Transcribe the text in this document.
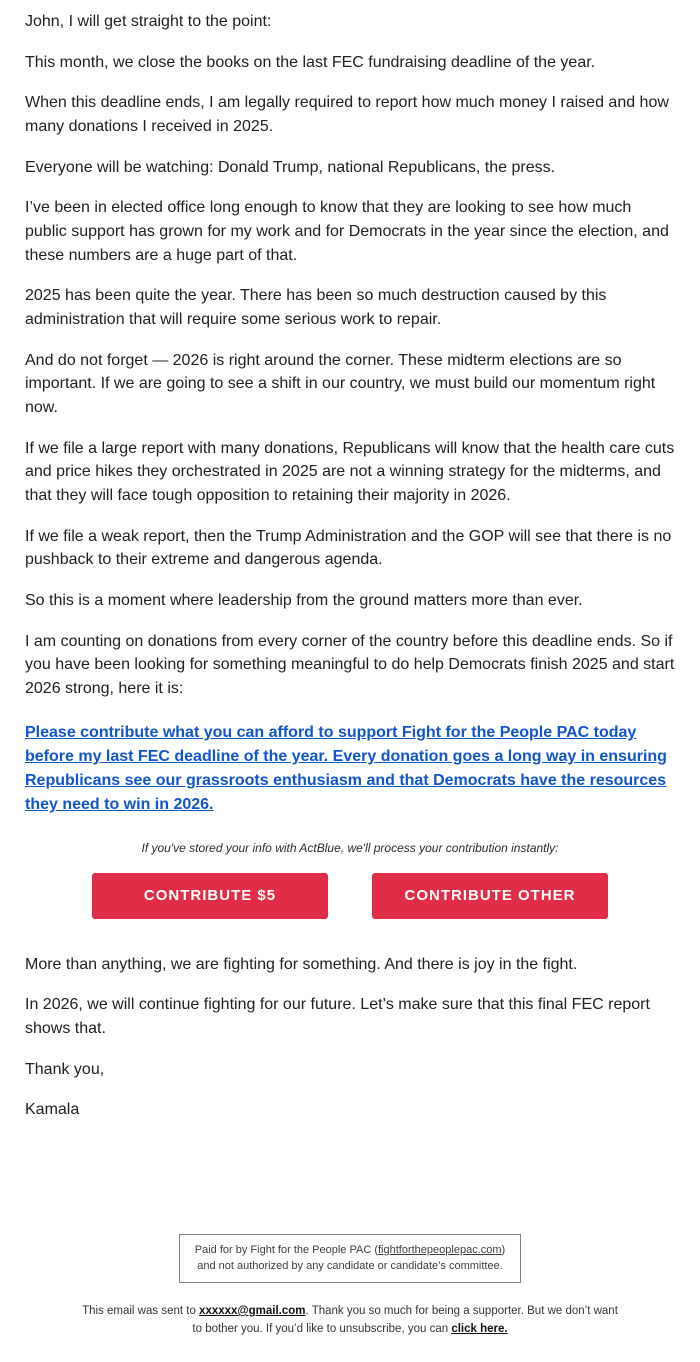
John, I will get straight to the point:

This month, we close the books on the last FEC fundraising deadline of the year.

When this deadline ends, I am legally required to report how much money I raised and how many donations I received in 2025.

Everyone will be watching: Donald Trump, national Republicans, the press.

I’ve been in elected office long enough to know that they are looking to see how much public support has grown for my work and for Democrats in the year since the election, and these numbers are a huge part of that.

2025 has been quite the year. There has been so much destruction caused by this administration that will require some serious work to repair.

And do not forget — 2026 is right around the corner. These midterm elections are so important. If we are going to see a shift in our country, we must build our momentum right now.

If we file a large report with many donations, Republicans will know that the health care cuts and price hikes they orchestrated in 2025 are not a winning strategy for the midterms, and that they will face tough opposition to retaining their majority in 2026.

If we file a weak report, then the Trump Administration and the GOP will see that there is no pushback to their extreme and dangerous agenda.

So this is a moment where leadership from the ground matters more than ever.

I am counting on donations from every corner of the country before this deadline ends. So if you have been looking for something meaningful to do help Democrats finish 2025 and start 2026 strong, here it is:

Please contribute what you can afford to support Fight for the People PAC today before my last FEC deadline of the year. Every donation goes a long way in ensuring Republicans see our grassroots enthusiasm and that Democrats have the resources they need to win in 2026.

If you've stored your info with ActBlue, we'll process your contribution instantly:

CONTRIBUTE $5	CONTRIBUTE OTHER

More than anything, we are fighting for something. And there is joy in the fight.

In 2026, we will continue fighting for our future. Let’s make sure that this final FEC report shows that.

Thank you,

Kamala

Paid for by Fight for the People PAC (fightforthepeoplepac.com) and not authorized by any candidate or candidate’s committee.
This email was sent to xxxxxx@gmail.com. Thank you so much for being a supporter. But we don’t want to bother you. If you’d like to unsubscribe, you can click here.
